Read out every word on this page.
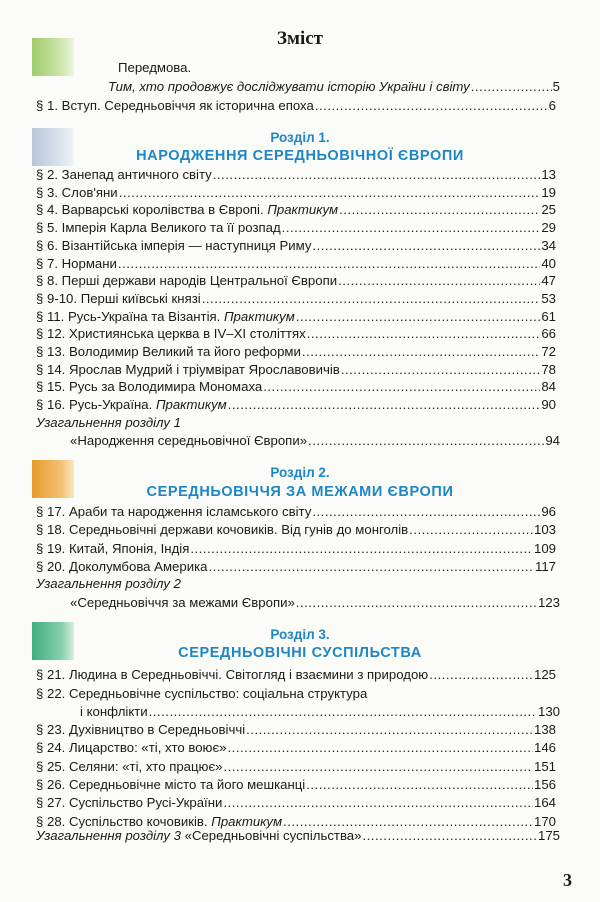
Зміст
Передмова.
Тим, хто продовжує досліджувати історію України і світу .....	5
§ 1. Вступ. Середньовіччя як історична епоха .....	6
Розділ 1.
НАРОДЖЕННЯ СЕРЕДНЬОВІЧНОЇ ЄВРОПИ
§ 2. Занепад античного світу .....	13
§ 3. Слов'яни .....	19
§ 4. Варварські королівства в Європі. Практикум .....	25
§ 5. Імперія Карла Великого та її розпад .....	29
§ 6. Візантійська імперія — наступниця Риму .....	34
§ 7. Нормани .....	40
§ 8. Перші держави народів Центральної Європи .....	47
§ 9-10. Перші київські князі .....	53
§ 11. Русь-Україна та Візантія. Практикум .....	61
§ 12. Християнська церква в IV–XI століттях .....	66
§ 13. Володимир Великий та його реформи .....	72
§ 14. Ярослав Мудрий і тріумвірат Ярославовичів .....	78
§ 15. Русь за Володимира Мономаха .....	84
§ 16. Русь-Україна. Практикум .....	90
Узагальнення розділу 1
«Народження середньовічної Європи» .....	94
Розділ 2.
СЕРЕДНЬОВІЧЧЯ ЗА МЕЖАМИ ЄВРОПИ
§ 17. Араби та народження ісламського світу .....	96
§ 18. Середньовічні держави кочовиків. Від гунів до монголів .....	103
§ 19. Китай, Японія, Індія .....	109
§ 20. Доколумбова Америка .....	117
Узагальнення розділу 2
«Середньовіччя за межами Європи» .....	123
Розділ 3.
СЕРЕДНЬОВІЧНІ СУСПІЛЬСТВА
§ 21. Людина в Середньовіччі. Світогляд і взаємини з природою .....	125
§ 22. Середньовічне суспільство: соціальна структура
і конфлікти .....	130
§ 23. Духівництво в Середньовіччі .....	138
§ 24. Лицарство: «ті, хто воює» .....	146
§ 25. Селяни: «ті, хто працює» .....	151
§ 26. Середньовічне місто та його мешканці .....	156
§ 27. Суспільство Русі-України .....	164
§ 28. Суспільство кочовиків. Практикум .....	170
Узагальнення розділу 3 «Середньовічні суспільства» .....	175
3
